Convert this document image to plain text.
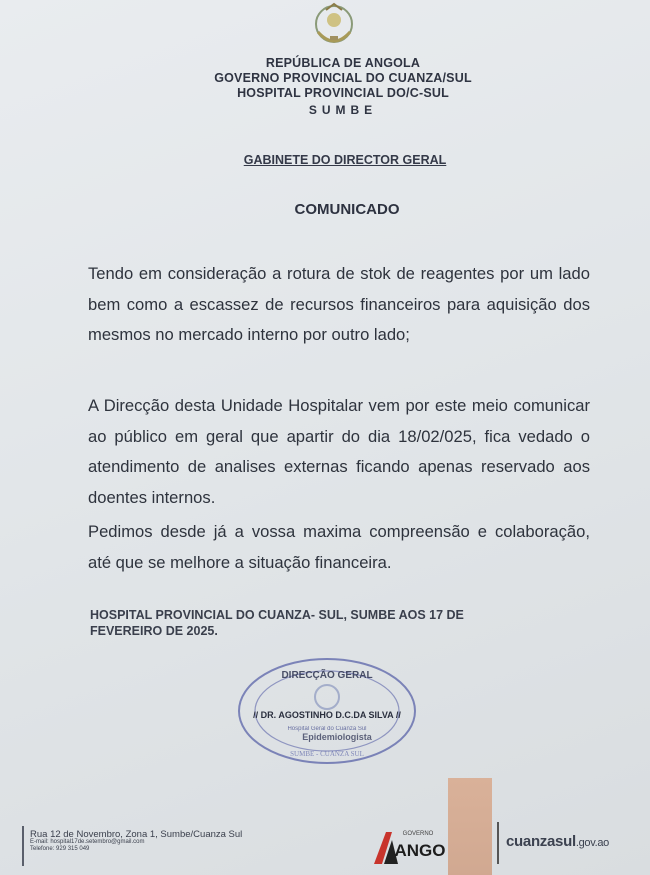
REPÚBLICA DE ANGOLA
GOVERNO PROVINCIAL DO CUANZA/SUL
HOSPITAL PROVINCIAL DO/C-SUL
SUMBE
GABINETE DO DIRECTOR GERAL
COMUNICADO

Tendo em consideração a rotura de stok de reagentes por um lado bem como a escassez de recursos financeiros para aquisição dos mesmos no mercado interno por outro lado;

A Direcção desta Unidade Hospitalar vem por este meio comunicar ao público em geral que apartir do dia 18/02/025, fica vedado o atendimento de analises externas ficando apenas reservado aos doentes internos.

Pedimos desde já a vossa maxima compreensão e colaboração, até que se melhore a situação financeira.

HOSPITAL PROVINCIAL DO CUANZA- SUL, SUMBE AOS 17 DE FEVEREIRO DE 2025.
DIRECÇÃO GERAL
// DR. AGOSTINHO D.C.DA SILVA //
Hospital Geral do Cuanza Sul
Epidemiologista
SUMBE - CUANZA SUL
Rua 12 de Novembro, Zona 1, Sumbe/Cuanza Sul
E-mail: hospital17de.setembro@gmail.com
Telefone: 929 315 049
GOVERNO
ANGO	cuanzasul.gov.ao
